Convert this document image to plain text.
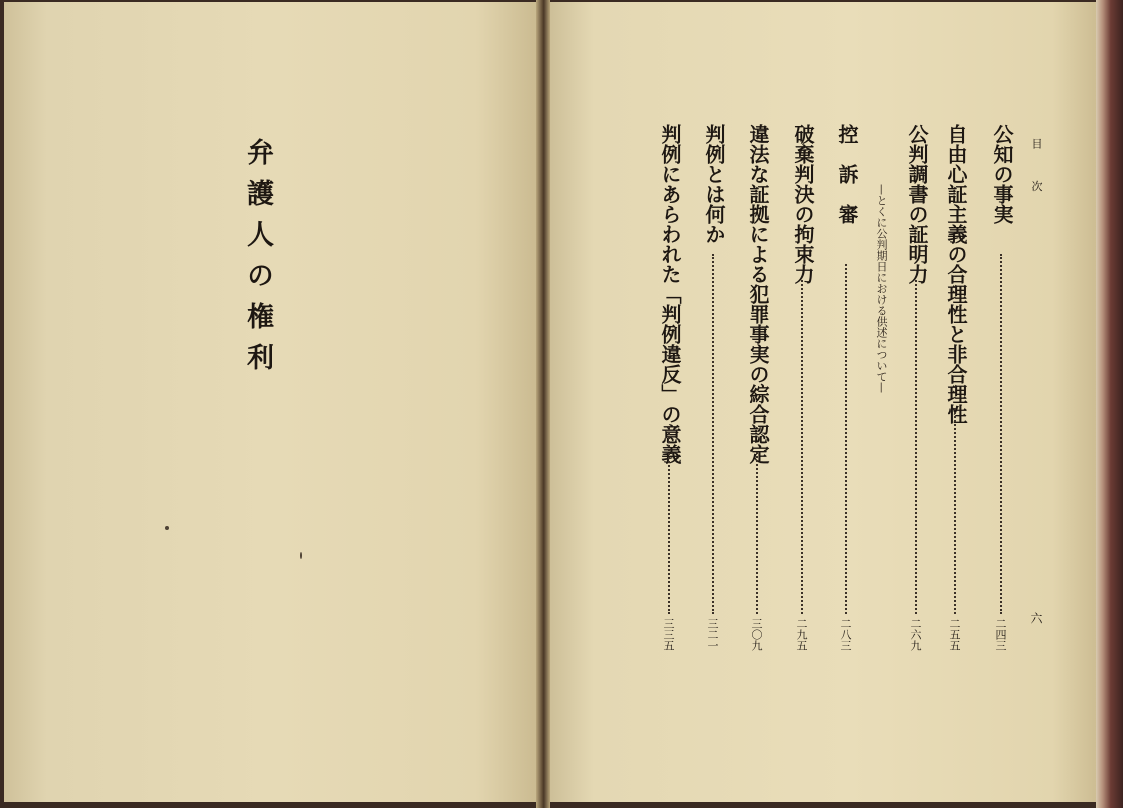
弁護人の権利	目 次
六
公知の事実
二四三
自由心証主義の合理性と非合理性
二五五
公判調書の証明力
—とくに公判期日における供述について—
二六九
控　訴　審
二八三
破棄判決の拘束力
二九五
違法な証拠による犯罪事実の綜合認定
三〇九
判例とは何か
三二一
判例にあらわれた「判例違反」の意義
三三五
